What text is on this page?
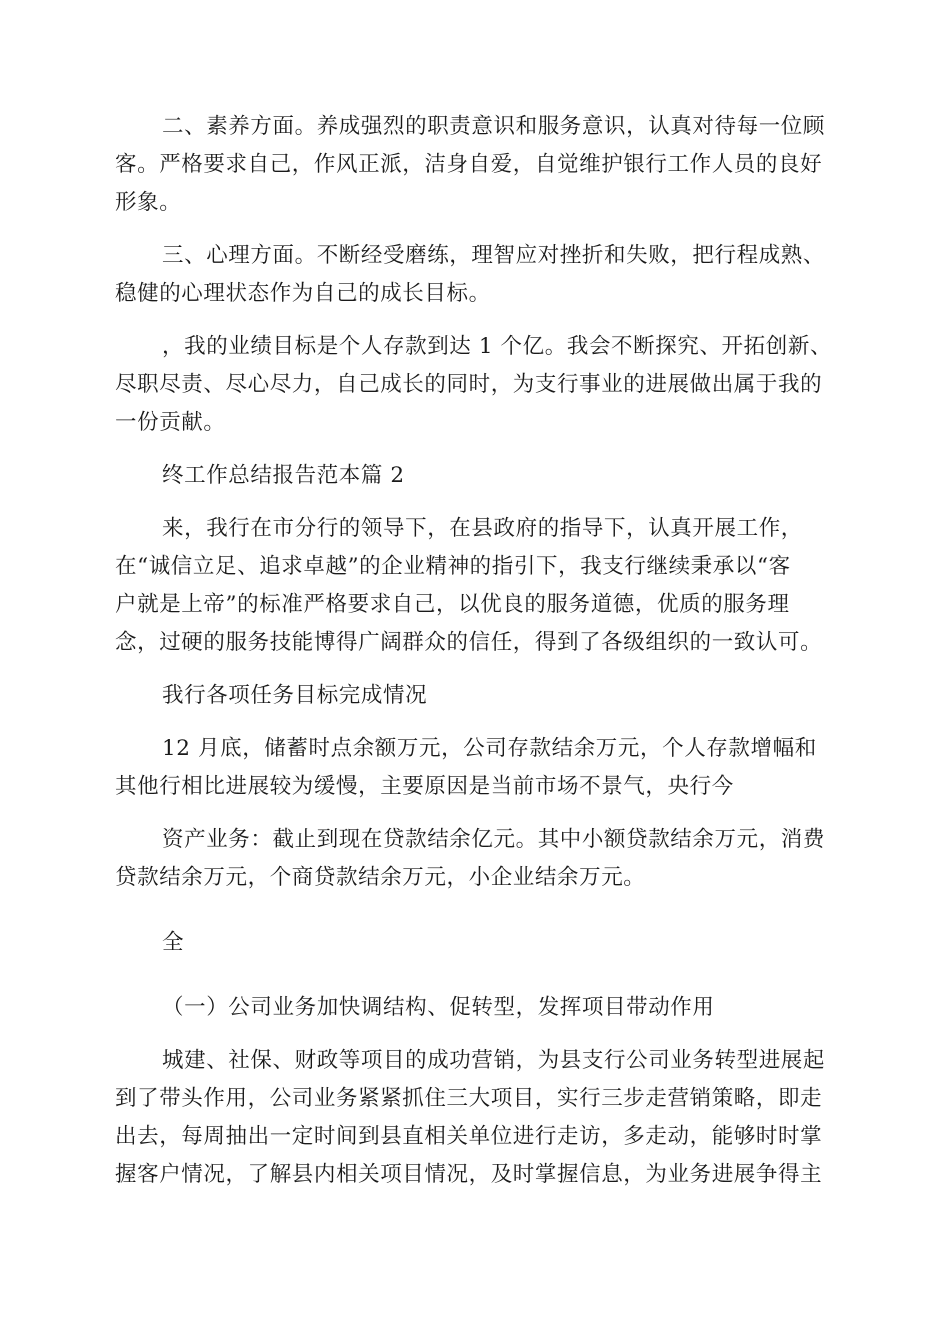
二、素养方面。养成强烈的职责意识和服务意识，认真对待每一位顾
客。严格要求自己，作风正派，洁身自爱，自觉维护银行工作人员的良好
形象。

三、心理方面。不断经受磨练，理智应对挫折和失败，把行程成熟、
稳健的心理状态作为自己的成长目标。

，我的业绩目标是个人存款到达 1 个亿。我会不断探究、开拓创新、
尽职尽责、尽心尽力，自己成长的同时，为支行事业的进展做出属于我的
一份贡献。

终工作总结报告范本篇 2

来，我行在市分行的领导下，在县政府的指导下，认真开展工作，
在“诚信立足、追求卓越”的企业精神的指引下，我支行继续秉承以“客
户就是上帝”的标准严格要求自己，以优良的服务道德，优质的服务理
念，过硬的服务技能博得广阔群众的信任，得到了各级组织的一致认可。

我行各项任务目标完成情况

12 月底，储蓄时点余额万元，公司存款结余万元，个人存款增幅和
其他行相比进展较为缓慢，主要原因是当前市场不景气，央行今

资产业务：截止到现在贷款结余亿元。其中小额贷款结余万元，消费
贷款结余万元，个商贷款结余万元，小企业结余万元。

全

（一）公司业务加快调结构、促转型，发挥项目带动作用

城建、社保、财政等项目的成功营销，为县支行公司业务转型进展起
到了带头作用，公司业务紧紧抓住三大项目，实行三步走营销策略，即走
出去，每周抽出一定时间到县直相关单位进行走访，多走动，能够时时掌
握客户情况，了解县内相关项目情况，及时掌握信息，为业务进展争得主
